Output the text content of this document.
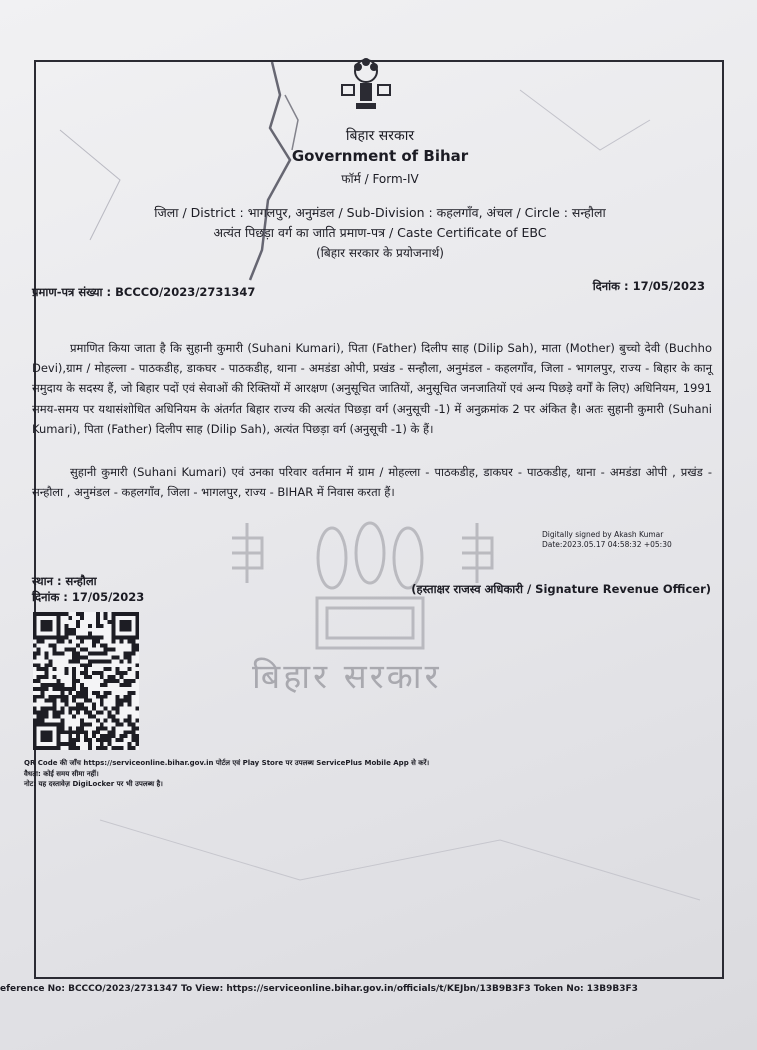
बिहार सरकार
Government of Bihar
फॉर्म / Form-IV
जिला / District : भागलपुर, अनुमंडल / Sub-Division : कहलगाँव, अंचल / Circle : सन्हौला
अत्यंत पिछड़ा वर्ग का जाति प्रमाण-पत्र / Caste Certificate of EBC
(बिहार सरकार के प्रयोजनार्थ)
प्रमाण-पत्र संख्या : BCCCO/2023/2731347	दिनांक : 17/05/2023
प्रमाणित किया जाता है कि सुहानी कुमारी (Suhani Kumari), पिता (Father) दिलीप साह (Dilip Sah), माता (Mother) बुच्चो देवी (Buchho Devi),ग्राम / मोहल्ला - पाठकडीह, डाकघर - पाठकडीह, थाना - अमडंडा ओपी, प्रखंड - सन्हौला, अनुमंडल - कहलगाँव, जिला - भागलपुर, राज्य - बिहार के कानू समुदाय के सदस्य हैं, जो बिहार पदों एवं सेवाओं की रिक्तियों में आरक्षण (अनुसूचित जातियों, अनुसूचित जनजातियों एवं अन्य पिछड़े वर्गों के लिए) अधिनियम, 1991 समय-समय पर यथासंशोधित अधिनियम के अंतर्गत बिहार राज्य की अत्यंत पिछड़ा वर्ग (अनुसूची -1) में अनुक्रमांक 2 पर अंकित है। अतः सुहानी कुमारी (Suhani Kumari), पिता (Father) दिलीप साह (Dilip Sah), अत्यंत पिछड़ा वर्ग (अनुसूची -1) के हैं।
सुहानी कुमारी (Suhani Kumari) एवं उनका परिवार वर्तमान में ग्राम / मोहल्ला - पाठकडीह, डाकघर - पाठकडीह, थाना - अमडंडा ओपी , प्रखंड - सन्हौला , अनुमंडल - कहलगाँव, जिला - भागलपुर, राज्य - BIHAR में निवास करता हैं।
बिहार सरकार
Digitally signed by Akash Kumar
Date:2023.05.17 04:58:32 +05:30
स्थान : सन्हौला
दिनांक : 17/05/2023
(हस्ताक्षर राजस्व अधिकारी / Signature Revenue Officer)
QR Code की जाँच https://serviceonline.bihar.gov.in पोर्टल एवं Play Store पर उपलब्ध ServicePlus Mobile App से करें।
वैधता: कोई समय सीमा नहीं।
नोट: यह दस्तावेज़ DigiLocker पर भी उपलब्ध है।
eference No: BCCCO/2023/2731347 To View: https://serviceonline.bihar.gov.in/officials/t/KEJbn/13B9B3F3 Token No: 13B9B3F3
